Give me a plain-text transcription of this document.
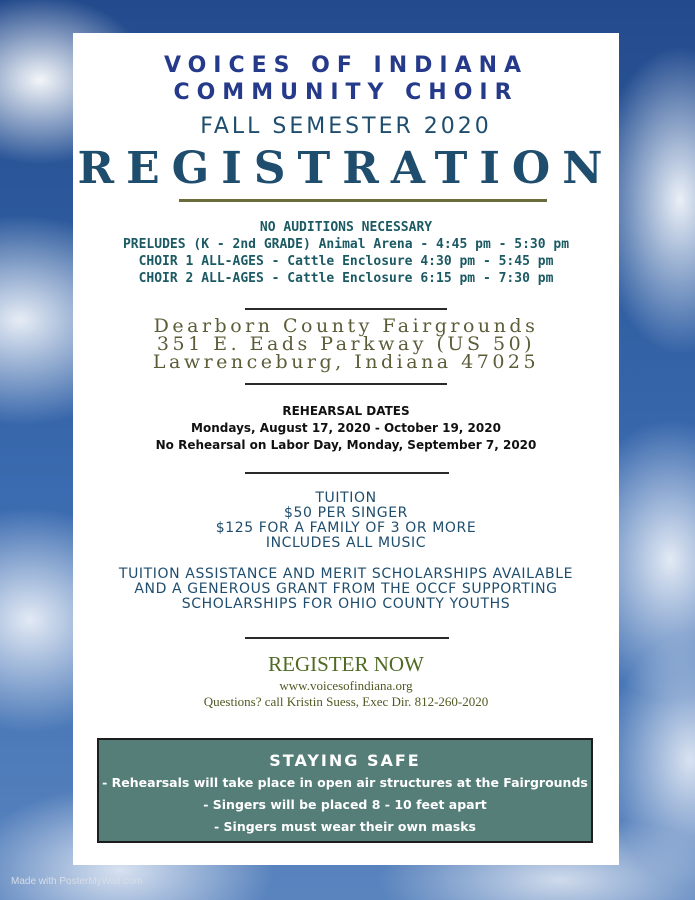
VOICES OF INDIANA
COMMUNITY CHOIR
FALL SEMESTER 2020
REGISTRATION
NO AUDITIONS NECESSARY
PRELUDES (K - 2nd GRADE) Animal Arena - 4:45 pm - 5:30 pm
CHOIR 1 ALL-AGES - Cattle Enclosure 4:30 pm - 5:45 pm
CHOIR 2 ALL-AGES - Cattle Enclosure 6:15 pm - 7:30 pm
Dearborn County Fairgrounds
351 E. Eads Parkway (US 50)
Lawrenceburg, Indiana 47025
REHEARSAL DATES
Mondays, August 17, 2020 - October 19, 2020
No Rehearsal on Labor Day, Monday, September 7, 2020
TUITION
$50 PER SINGER
$125 FOR A FAMILY OF 3 OR MORE
INCLUDES ALL MUSIC
TUITION ASSISTANCE AND MERIT SCHOLARSHIPS AVAILABLE
AND A GENEROUS GRANT FROM THE OCCF SUPPORTING
SCHOLARSHIPS FOR OHIO COUNTY YOUTHS
REGISTER NOW
www.voicesofindiana.org
Questions? call Kristin Suess, Exec Dir. 812-260-2020
STAYING SAFE
- Rehearsals will take place in open air structures at the Fairgrounds
- Singers will be placed 8 - 10 feet apart
- Singers must wear their own masks
Made with PosterMyWall.com
